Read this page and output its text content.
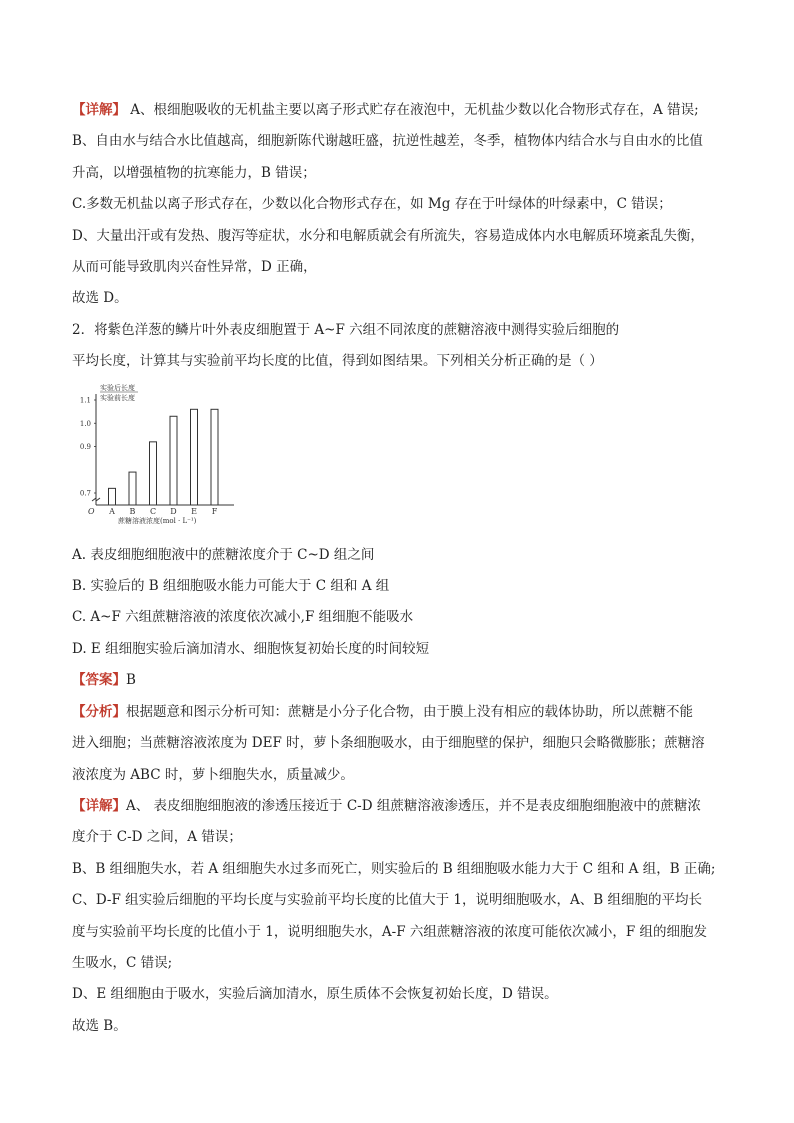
【详解】 A、根细胞吸收的无机盐主要以离子形式贮存在液泡中，无机盐少数以化合物形式存在，A 错误;
B、自由水与结合水比值越高，细胞新陈代谢越旺盛，抗逆性越差，冬季，植物体内结合水与自由水的比值
升高，以增强植物的抗寒能力，B 错误；
C.多数无机盐以离子形式存在，少数以化合物形式存在，如 Mg 存在于叶绿体的叶绿素中，C 错误；
D、大量出汗或有发热、腹泻等症状，水分和电解质就会有所流失，容易造成体内水电解质环境紊乱失衡，
从而可能导致肌肉兴奋性异常，D 正确，
故选 D。
2．将紫色洋葱的鳞片叶外表皮细胞置于 A~F 六组不同浓度的蔗糖溶液中测得实验后细胞的
平均长度，计算其与实验前平均长度的比值，得到如图结果。下列相关分析正确的是（ ）
实验后长度
实验前长度
0.7
0.9
1.0
1.1
O A B C D E F
蔗糖溶液浓度(mol · L⁻¹)
A. 表皮细胞细胞液中的蔗糖浓度介于 C~D 组之间
B. 实验后的 B 组细胞吸水能力可能大于 C 组和 A 组
C. A~F 六组蔗糖溶液的浓度依次减小,F 组细胞不能吸水
D. E 组细胞实验后滴加清水、细胞恢复初始长度的时间较短
【答案】B
【分析】根据题意和图示分析可知：蔗糖是小分子化合物，由于膜上没有相应的载体协助，所以蔗糖不能
进入细胞；当蔗糖溶液浓度为 DEF 时，萝卜条细胞吸水，由于细胞壁的保护，细胞只会略微膨胀；蔗糖溶
液浓度为 ABC 时，萝卜细胞失水，质量减少。
【详解】A、 表皮细胞细胞液的渗透压接近于 C-D 组蔗糖溶液渗透压，并不是表皮细胞细胞液中的蔗糖浓
度介于 C-D 之间，A 错误；
B、B 组细胞失水，若 A 组细胞失水过多而死亡，则实验后的 B 组细胞吸水能力大于 C 组和 A 组，B 正确;
C、D-F 组实验后细胞的平均长度与实验前平均长度的比值大于 1，说明细胞吸水，A、B 组细胞的平均长
度与实验前平均长度的比值小于 1，说明细胞失水，A-F 六组蔗糖溶液的浓度可能依次减小，F 组的细胞发
生吸水，C 错误;
D、E 组细胞由于吸水，实验后滴加清水，原生质体不会恢复初始长度，D 错误。
故选 B。
